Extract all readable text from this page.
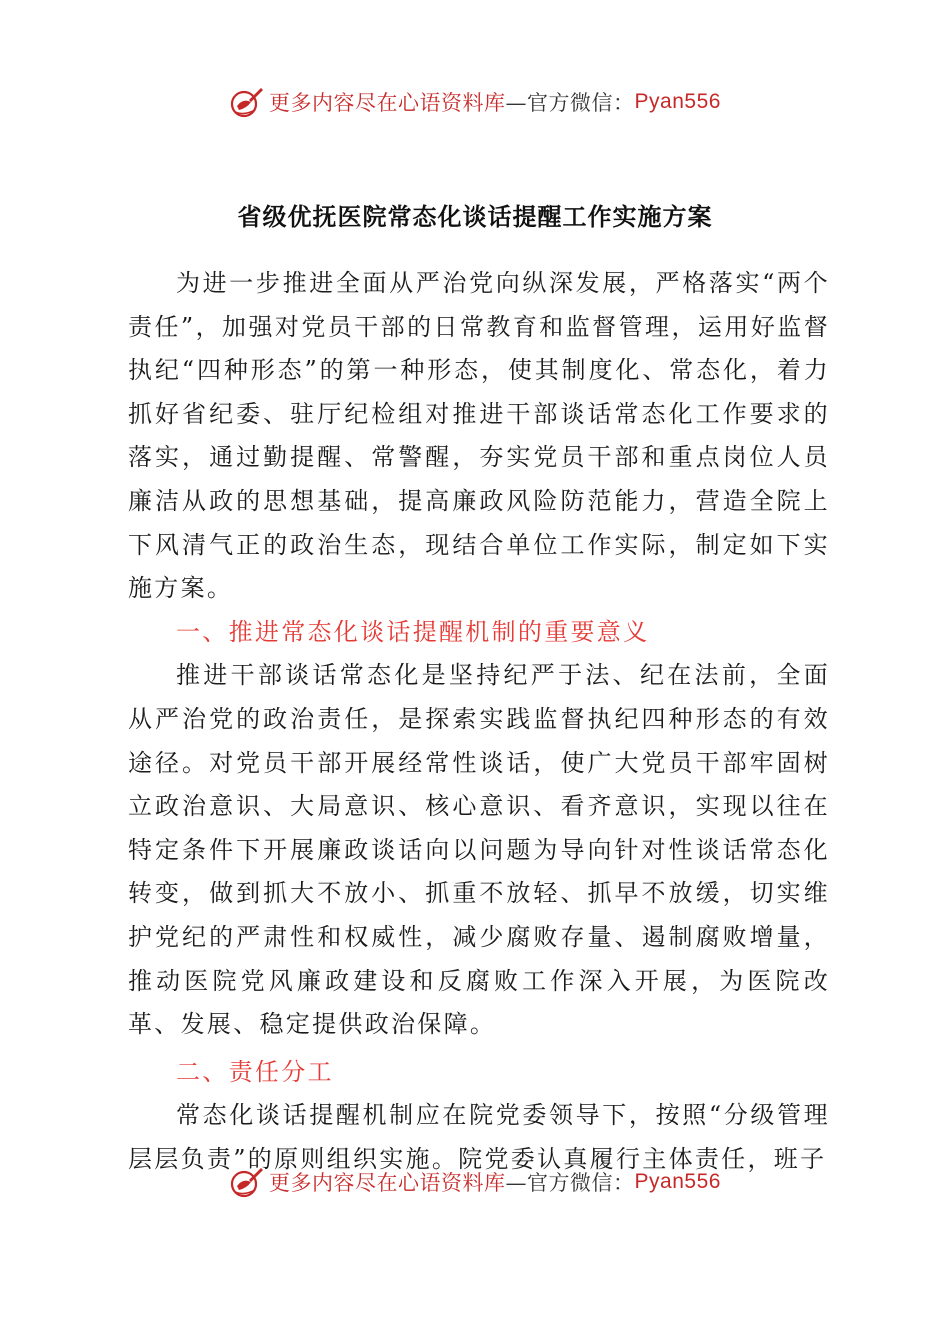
更多内容尽在心语资料库 —官方微信： Pyan556
省级优抚医院常态化谈话提醒工作实施方案

为进一步推进全面从严治党向纵深发展，严格落实“两个责任”，加强对党员干部的日常教育和监督管理，运用好监督执纪“四种形态”的第一种形态，使其制度化、常态化，着力抓好省纪委、驻厅纪检组对推进干部谈话常态化工作要求的落实，通过勤提醒、常警醒，夯实党员干部和重点岗位人员廉洁从政的思想基础，提高廉政风险防范能力，营造全院上下风清气正的政治生态，现结合单位工作实际，制定如下实施方案。

一、推进常态化谈话提醒机制的重要意义

推进干部谈话常态化是坚持纪严于法、纪在法前，全面从严治党的政治责任，是探索实践监督执纪四种形态的有效途径。对党员干部开展经常性谈话，使广大党员干部牢固树立政治意识、大局意识、核心意识、看齐意识，实现以往在特定条件下开展廉政谈话向以问题为导向针对性谈话常态化转变，做到抓大不放小、抓重不放轻、抓早不放缓，切实维护党纪的严肃性和权威性，减少腐败存量、遏制腐败增量，推动医院党风廉政建设和反腐败工作深入开展，为医院改革、发展、稳定提供政治保障。

二、责任分工

常态化谈话提醒机制应在院党委领导下，按照“分级管理层层负责”的原则组织实施。院党委认真履行主体责任，班子

更多内容尽在心语资料库 —官方微信： Pyan556
